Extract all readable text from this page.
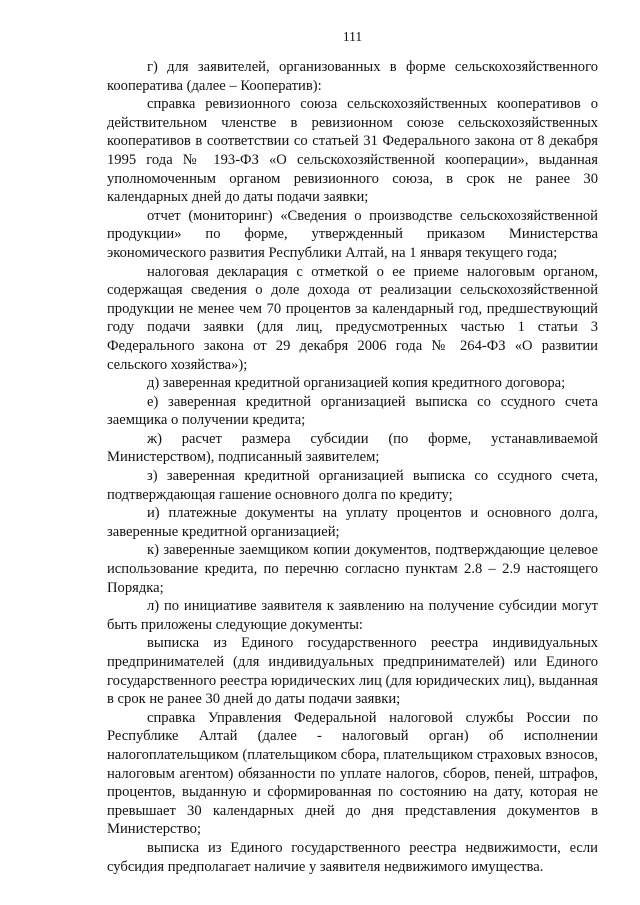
111

г) для заявителей, организованных в форме сельскохозяйственного кооператива (далее – Кооператив):

справка ревизионного союза сельскохозяйственных кооперативов о действительном членстве в ревизионном союзе сельскохозяйственных кооперативов в соответствии со статьей 31 Федерального закона от 8 декабря 1995 года № 193-ФЗ «О сельскохозяйственной кооперации», выданная уполномоченным органом ревизионного союза, в срок не ранее 30 календарных дней до даты подачи заявки;

отчет (мониторинг) «Сведения о производстве сельскохозяйственной продукции» по форме, утвержденный приказом Министерства экономического развития Республики Алтай, на 1 января текущего года;

налоговая декларация с отметкой о ее приеме налоговым органом, содержащая сведения о доле дохода от реализации сельскохозяйственной продукции не менее чем 70 процентов за календарный год, предшествующий году подачи заявки (для лиц, предусмотренных частью 1 статьи 3 Федерального закона от 29 декабря 2006 года № 264-ФЗ «О развитии сельского хозяйства»);

д) заверенная кредитной организацией копия кредитного договора;

е) заверенная кредитной организацией выписка со ссудного счета заемщика о получении кредита;

ж) расчет размера субсидии (по форме, устанавливаемой Министерством), подписанный заявителем;

з) заверенная кредитной организацией выписка со ссудного счета, подтверждающая гашение основного долга по кредиту;

и) платежные документы на уплату процентов и основного долга, заверенные кредитной организацией;

к) заверенные заемщиком копии документов, подтверждающие целевое использование кредита, по перечню согласно пунктам 2.8 – 2.9 настоящего Порядка;

л) по инициативе заявителя к заявлению на получение субсидии могут быть приложены следующие документы:

выписка из Единого государственного реестра индивидуальных предпринимателей (для индивидуальных предпринимателей) или Единого государственного реестра юридических лиц (для юридических лиц), выданная в срок не ранее 30 дней до даты подачи заявки;

справка Управления Федеральной налоговой службы России по Республике Алтай (далее - налоговый орган) об исполнении налогоплательщиком (плательщиком сбора, плательщиком страховых взносов, налоговым агентом) обязанности по уплате налогов, сборов, пеней, штрафов, процентов, выданную и сформированная по состоянию на дату, которая не превышает 30 календарных дней до дня представления документов в Министерство;

выписка из Единого государственного реестра недвижимости, если субсидия предполагает наличие у заявителя недвижимого имущества.
